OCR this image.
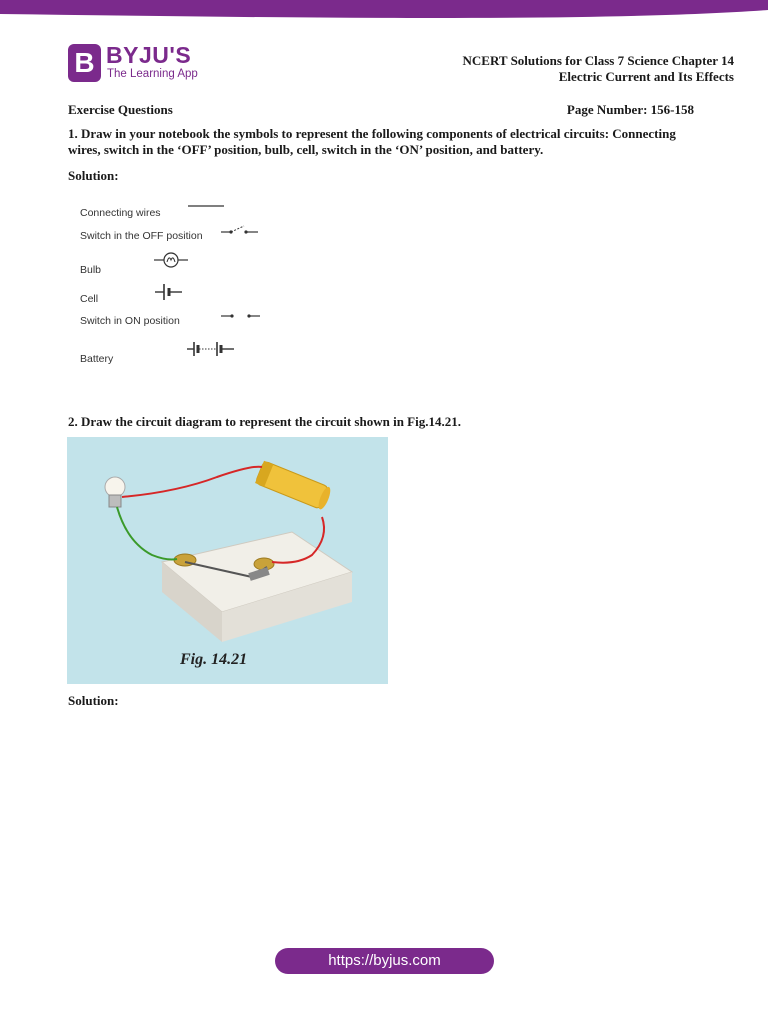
B BYJU'S
The Learning App
NCERT Solutions for Class 7 Science Chapter 14
Electric Current and Its Effects
Exercise Questions	Page Number: 156-158
1. Draw in your notebook the symbols to represent the following components of electrical circuits: Connecting wires, switch in the ‘OFF’ position, bulb, cell, switch in the ‘ON’ position, and battery.
Solution:
Connecting wires
Switch in the OFF position
Bulb
Cell
Switch in ON position
Battery
2. Draw the circuit diagram to represent the circuit shown in Fig.14.21.
Fig. 14.21
Solution:
https://byjus.com
